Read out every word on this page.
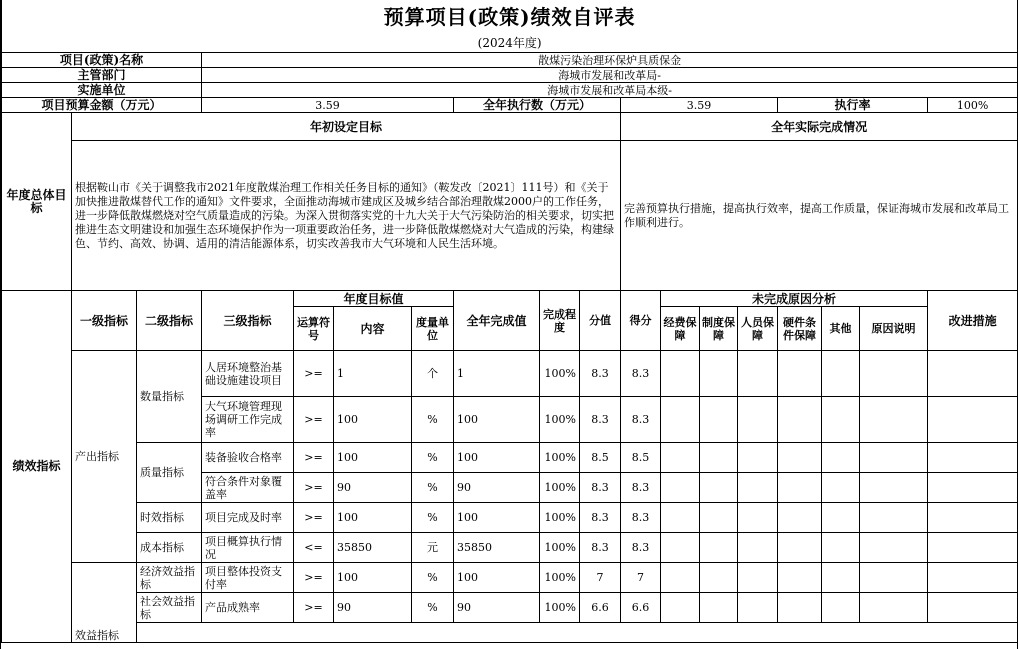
预算项目(政策)绩效自评表																	
(2024年度)																	
项目(政策)名称			散煤污染治理环保炉具质保金														
主管部门			海城市发展和改革局-														
实施单位			海城市发展和改革局本级-														
项目预算金额（万元）			3.59				全年执行数（万元）			3.59				执行率			100%
年度总体目标	年初设定目标									全年实际完成情况							
	根据鞍山市《关于调整我市2021年度散煤治理工作相关任务目标的通知》（鞍发改〔2021〕111号）和《关于加快推进散煤替代工作的通知》文件要求，全面推动海城市建成区及城乡结合部治理散煤2000户的工作任务，进一步降低散煤燃烧对空气质量造成的污染。为深入贯彻落实党的十九大关于大气污染防治的相关要求，切实把推进生态文明建设和加强生态环境保护作为一项重要政治任务，进一步降低散煤燃烧对大气造成的污染，构建绿色、节约、高效、协调、适用的清洁能源体系，切实改善我市大气环境和人民生活环境。									完善预算执行措施，提高执行效率，提高工作质量，保证海城市发展和改革局工作顺利进行。							
绩效指标	一级指标	二级指标	三级指标	年度目标值			全年完成值	完成程度	分值	得分	未完成原因分析						改进措施
				运算符号	内容	度量单位					经费保障	制度保障	人员保障	硬件条件保障	其他	原因说明	
	产出指标	数量指标	人居环境整治基础设施建设项目	>=	1	个	1	100%	8.3	8.3							
			大气环境管理现场调研工作完成率	>=	100	%	100	100%	8.3	8.3							
		质量指标	装备验收合格率	>=	100	%	100	100%	8.5	8.5							
			符合条件对象覆盖率	>=	90	%	90	100%	8.3	8.3							
		时效指标	项目完成及时率	>=	100	%	100	100%	8.3	8.3							
		成本指标	项目概算执行情况	<=	35850	元	35850	100%	8.3	8.3							
	效益指标	经济效益指标	项目整体投资支付率	>=	100	%	100	100%	7	7							
		社会效益指标	产品成熟率	>=	90	%	90	100%	6.6	6.6							
